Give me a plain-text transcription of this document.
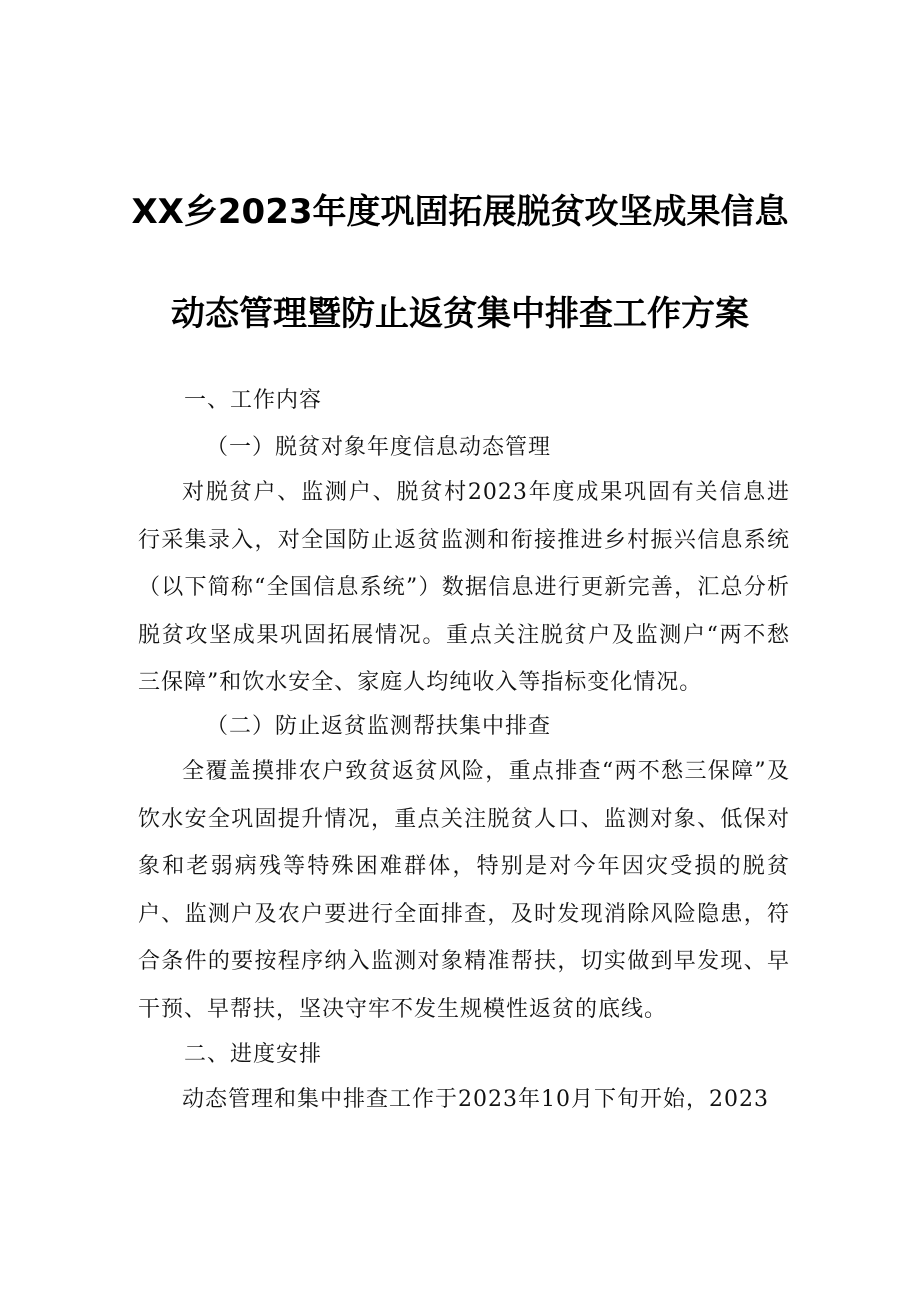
XX乡2023年度巩固拓展脱贫攻坚成果信息
动态管理暨防止返贫集中排查工作方案
一、工作内容
（一）脱贫对象年度信息动态管理

对脱贫户、监测户、脱贫村2023年度成果巩固有关信息进行采集录入，对全国防止返贫监测和衔接推进乡村振兴信息系统（以下简称“全国信息系统”）数据信息进行更新完善，汇总分析脱贫攻坚成果巩固拓展情况。重点关注脱贫户及监测户“两不愁三保障”和饮水安全、家庭人均纯收入等指标变化情况。

（二）防止返贫监测帮扶集中排查

全覆盖摸排农户致贫返贫风险，重点排查“两不愁三保障”及饮水安全巩固提升情况，重点关注脱贫人口、监测对象、低保对象和老弱病残等特殊困难群体，特别是对今年因灾受损的脱贫户、监测户及农户要进行全面排查，及时发现消除风险隐患，符合条件的要按程序纳入监测对象精准帮扶，切实做到早发现、早干预、早帮扶，坚决守牢不发生规模性返贫的底线。

二、进度安排

动态管理和集中排查工作于2023年10月下旬开始，2023
